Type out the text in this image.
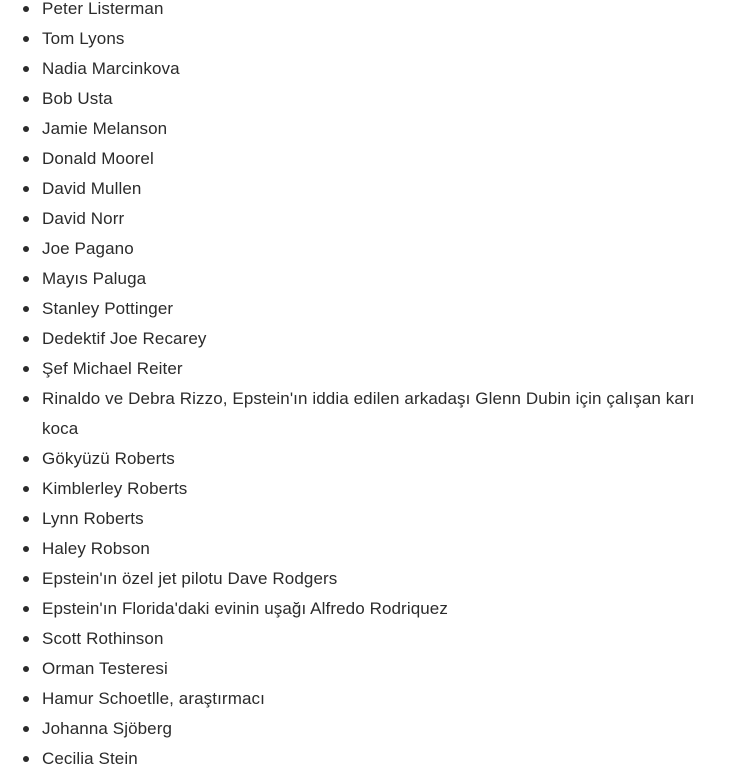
Peter Listerman
Tom Lyons
Nadia Marcinkova
Bob Usta
Jamie Melanson
Donald Moorel
David Mullen
David Norr
Joe Pagano
Mayıs Paluga
Stanley Pottinger
Dedektif Joe Recarey
Şef Michael Reiter
Rinaldo ve Debra Rizzo, Epstein'ın iddia edilen arkadaşı Glenn Dubin için çalışan karı koca
Gökyüzü Roberts
Kimblerley Roberts
Lynn Roberts
Haley Robson
Epstein'ın özel jet pilotu Dave Rodgers
Epstein'ın Florida'daki evinin uşağı Alfredo Rodriquez
Scott Rothinson
Orman Testeresi
Hamur Schoetlle, araştırmacı
Johanna Sjöberg
Cecilia Stein
